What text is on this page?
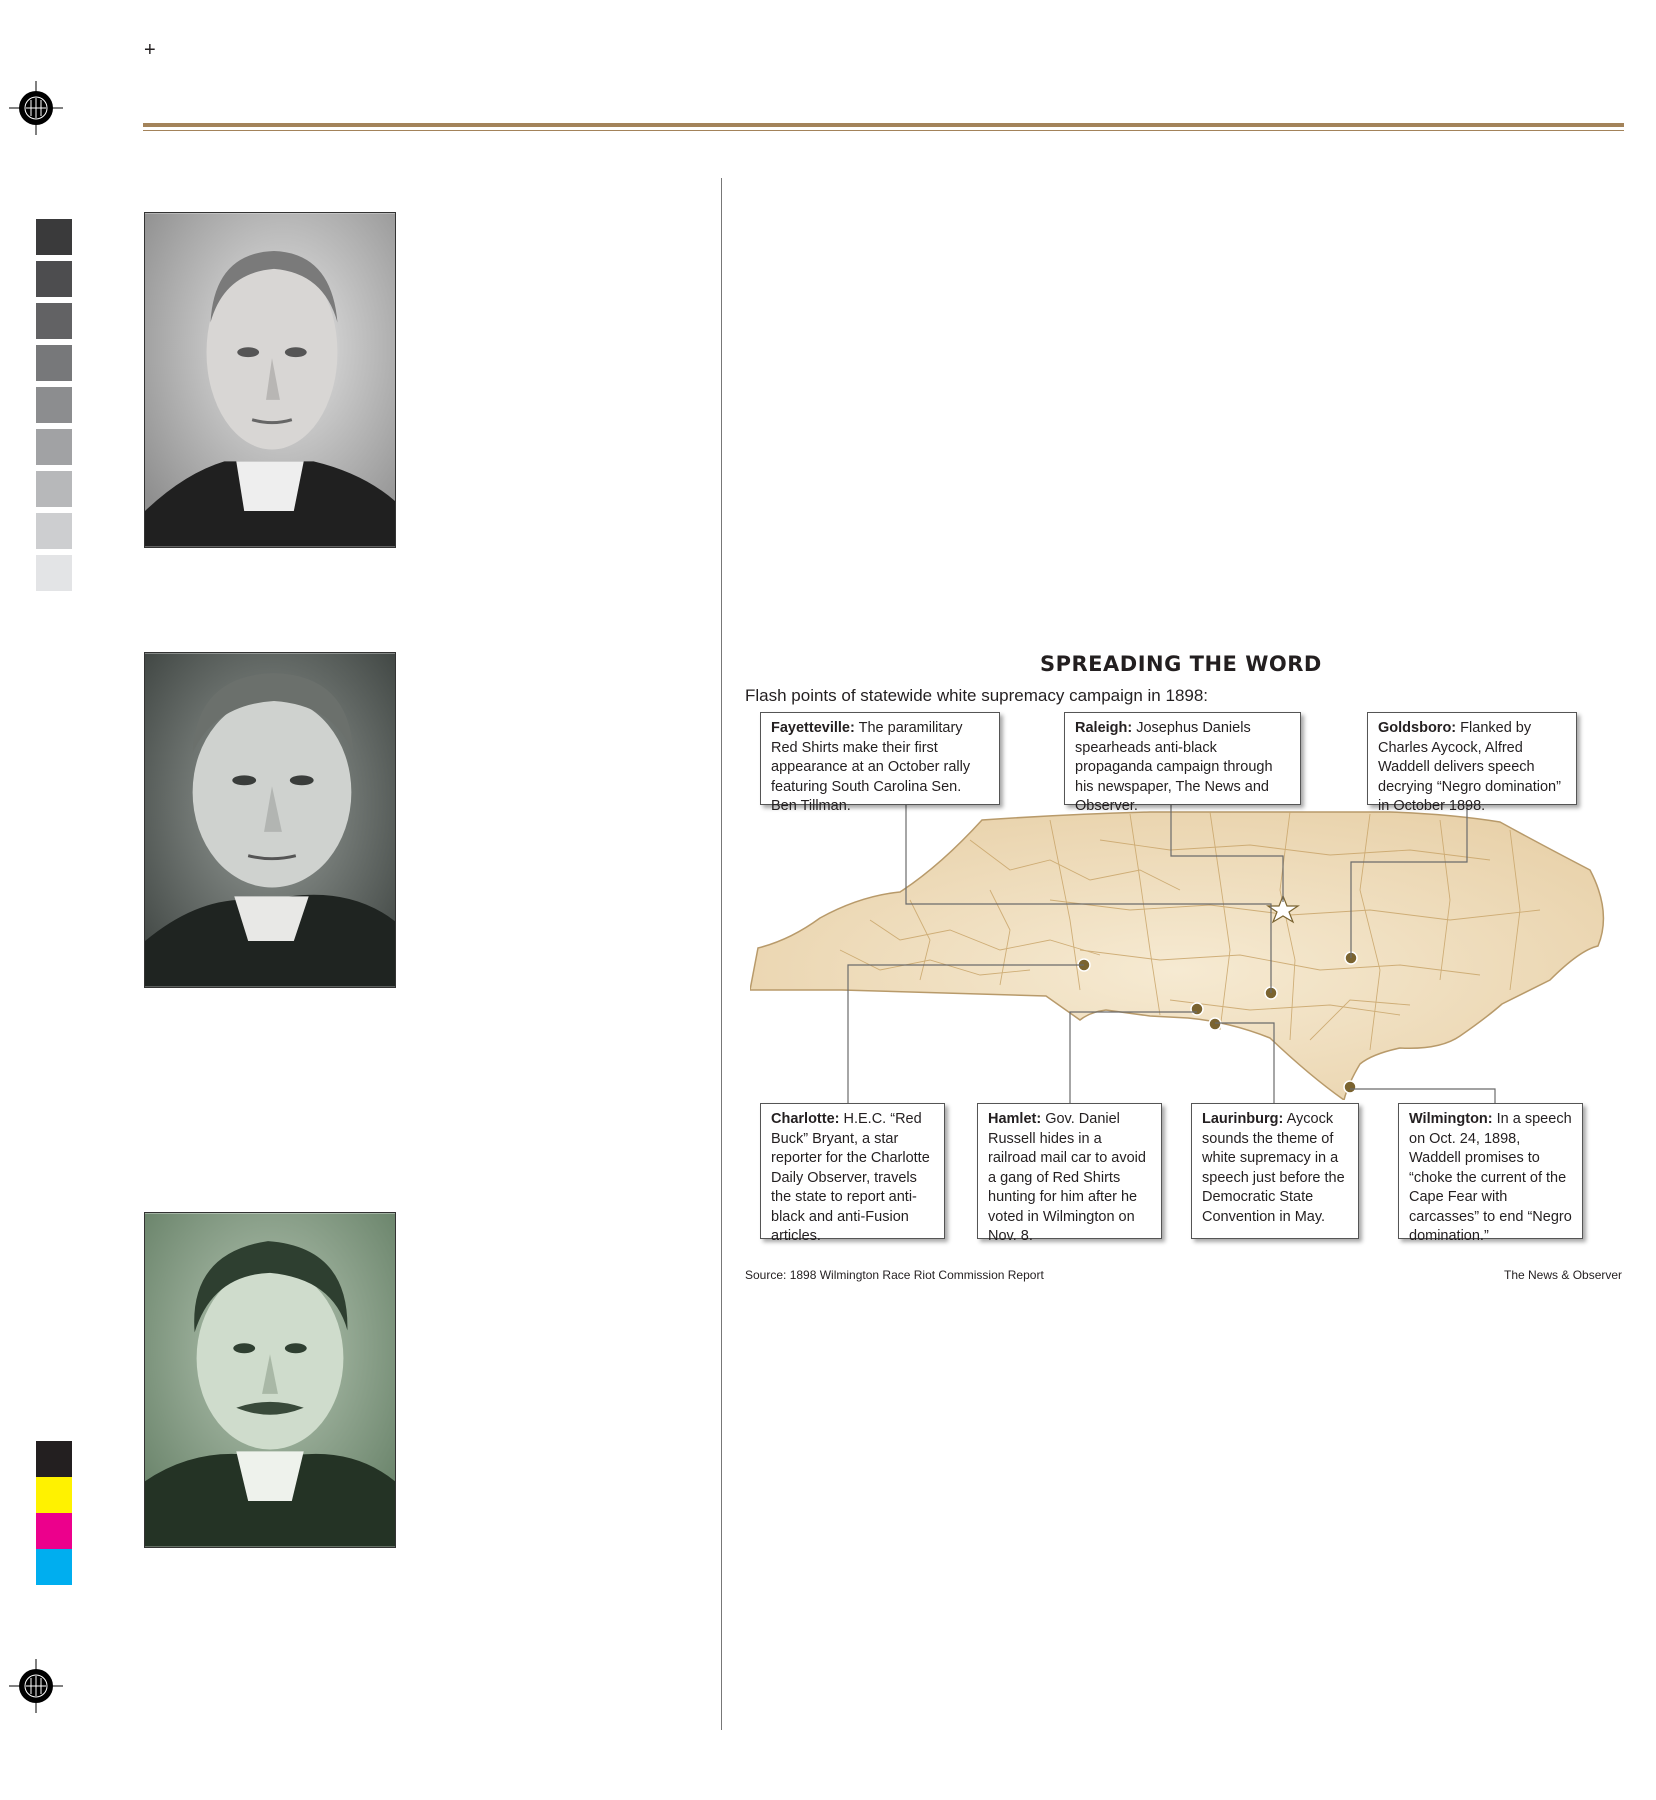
+
SPREADING THE WORD
Flash points of statewide white supremacy campaign in 1898:
Fayetteville: The paramilitary Red Shirts make their first appearance at an October rally featuring South Carolina Sen. Ben Tillman.
Raleigh: Josephus Daniels spearheads anti-black propaganda campaign through his newspaper, The News and Observer.
Goldsboro: Flanked by Charles Aycock, Alfred Waddell delivers speech decrying “Negro domination” in October 1898.
Charlotte: H.E.C. “Red Buck” Bryant, a star reporter for the Charlotte Daily Observer, travels the state to report anti-black and anti-Fusion articles.
Hamlet: Gov. Daniel Russell hides in a railroad mail car to avoid a gang of Red Shirts hunting for him after he voted in Wilmington on Nov. 8.
Laurinburg: Aycock sounds the theme of white supremacy in a speech just before the Democratic State Convention in May.
Wilmington: In a speech on Oct. 24, 1898, Waddell promises to “choke the current of the Cape Fear with carcasses” to end “Negro domination.”
Source: 1898 Wilmington Race Riot Commission Report	The News & Observer
